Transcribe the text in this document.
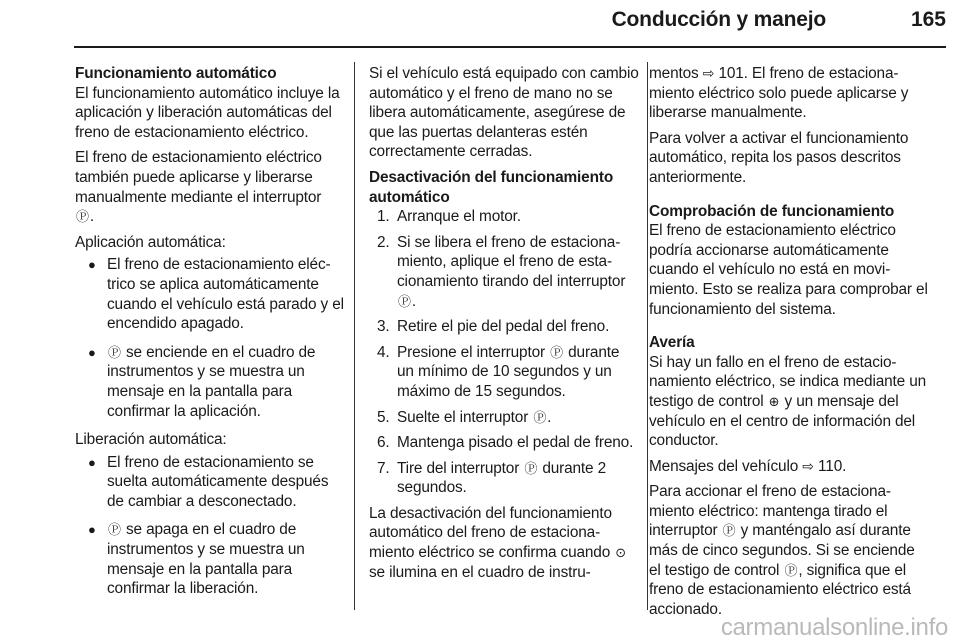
Conducción y manejo	165
Funcionamiento automático

El funcionamiento automático incluye la aplicación y liberación automáticas del freno de estacionamiento eléctrico.

El freno de estacionamiento eléctrico también puede aplicarse y liberarse manualmente mediante el interruptor
Ⓟ.

Aplicación automática:

● El freno de estacionamiento eléctrico se aplica automáticamente cuando el vehículo está parado y el encendido apagado.
● Ⓟ se enciende en el cuadro de instrumentos y se muestra un mensaje en la pantalla para confirmar la aplicación.

Liberación automática:

● El freno de estacionamiento se suelta automáticamente después de cambiar a desconectado.
● Ⓟ se apaga en el cuadro de instrumentos y se muestra un mensaje en la pantalla para confirmar la liberación.

Si el vehículo está equipado con cambio automático y el freno de mano no se libera automáticamente, asegúrese de que las puertas delanteras estén correctamente cerradas.

Desactivación del funcionamiento automático
1. Arranque el motor.
2. Si se libera el freno de estacionamiento, aplique el freno de estacionamiento tirando del interruptor Ⓟ.
3. Retire el pie del pedal del freno.
4. Presione el interruptor Ⓟ durante un mínimo de 10 segundos y un máximo de 15 segundos.
5. Suelte el interruptor Ⓟ.
6. Mantenga pisado el pedal de freno.
7. Tire del interruptor Ⓟ durante 2 segundos.

La desactivación del funcionamiento automático del freno de estacionamiento eléctrico se confirma cuando ⊙ se ilumina en el cuadro de instru-

mentos ⇨ 101. El freno de estacionamiento eléctrico solo puede aplicarse y liberarse manualmente.

Para volver a activar el funcionamiento automático, repita los pasos descritos anteriormente.

Comprobación de funcionamiento

El freno de estacionamiento eléctrico podría accionarse automáticamente cuando el vehículo no está en movimiento. Esto se realiza para comprobar el funcionamiento del sistema.

Avería

Si hay un fallo en el freno de estacionamiento eléctrico, se indica mediante un testigo de control ⊕ y un mensaje del vehículo en el centro de información del conductor.

Mensajes del vehículo ⇨ 110.

Para accionar el freno de estacionamiento eléctrico: mantenga tirado el interruptor Ⓟ y manténgalo así durante más de cinco segundos. Si se enciende el testigo de control Ⓟ, significa que el freno de estacionamiento eléctrico está accionado.

carmanualsonline.info
